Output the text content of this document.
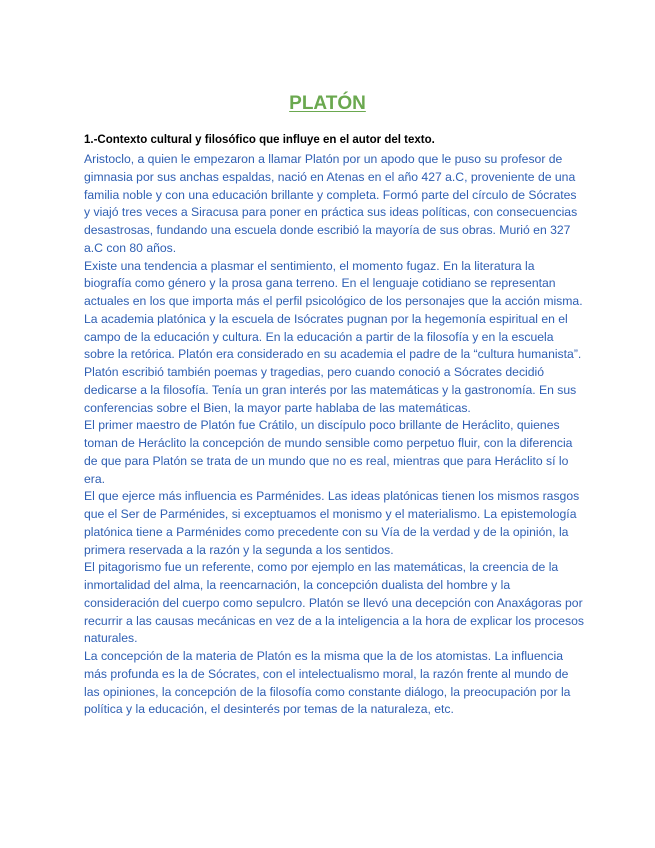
PLATÓN
1.-Contexto cultural y filosófico que influye en el autor del texto.

Aristoclo, a quien le empezaron a llamar Platón por un apodo que le puso su profesor de gimnasia por sus anchas espaldas, nació en Atenas en el año 427 a.C, proveniente de una familia noble y con una educación brillante y completa. Formó parte del círculo de Sócrates y viajó tres veces a Siracusa para poner en práctica sus ideas políticas, con consecuencias desastrosas, fundando una escuela donde escribió la mayoría de sus obras. Murió en 327 a.C con 80 años.

Existe una tendencia a plasmar el sentimiento, el momento fugaz. En la literatura la biografía como género y la prosa gana terreno. En el lenguaje cotidiano se representan actuales en los que importa más el perfil psicológico de los personajes que la acción misma. La academia platónica y la escuela de Isócrates pugnan por la hegemonía espiritual en el campo de la educación y cultura. En la educación a partir de la filosofía y en la escuela sobre la retórica. Platón era considerado en su academia el padre de la “cultura humanista”. Platón escribió también poemas y tragedias, pero cuando conoció a Sócrates decidió dedicarse a la filosofía. Tenía un gran interés por las matemáticas y la gastronomía. En sus conferencias sobre el Bien, la mayor parte hablaba de las matemáticas.

El primer maestro de Platón fue Crátilo, un discípulo poco brillante de Heráclito, quienes toman de Heráclito la concepción de mundo sensible como perpetuo fluir, con la diferencia de que para Platón se trata de un mundo que no es real, mientras que para Heráclito sí lo era.

El que ejerce más influencia es Parménides. Las ideas platónicas tienen los mismos rasgos que el Ser de Parménides, si exceptuamos el monismo y el materialismo. La epistemología platónica tiene a Parménides como precedente con su Vía de la verdad y de la opinión, la primera reservada a la razón y la segunda a los sentidos.

El pitagorismo fue un referente, como por ejemplo en las matemáticas, la creencia de la inmortalidad del alma, la reencarnación, la concepción dualista del hombre y la consideración del cuerpo como sepulcro. Platón se llevó una decepción con Anaxágoras por recurrir a las causas mecánicas en vez de a la inteligencia a la hora de explicar los procesos naturales.

La concepción de la materia de Platón es la misma que la de los atomistas. La influencia más profunda es la de Sócrates, con el intelectualismo moral, la razón frente al mundo de las opiniones, la concepción de la filosofía como constante diálogo, la preocupación por la política y la educación, el desinterés por temas de la naturaleza, etc.
